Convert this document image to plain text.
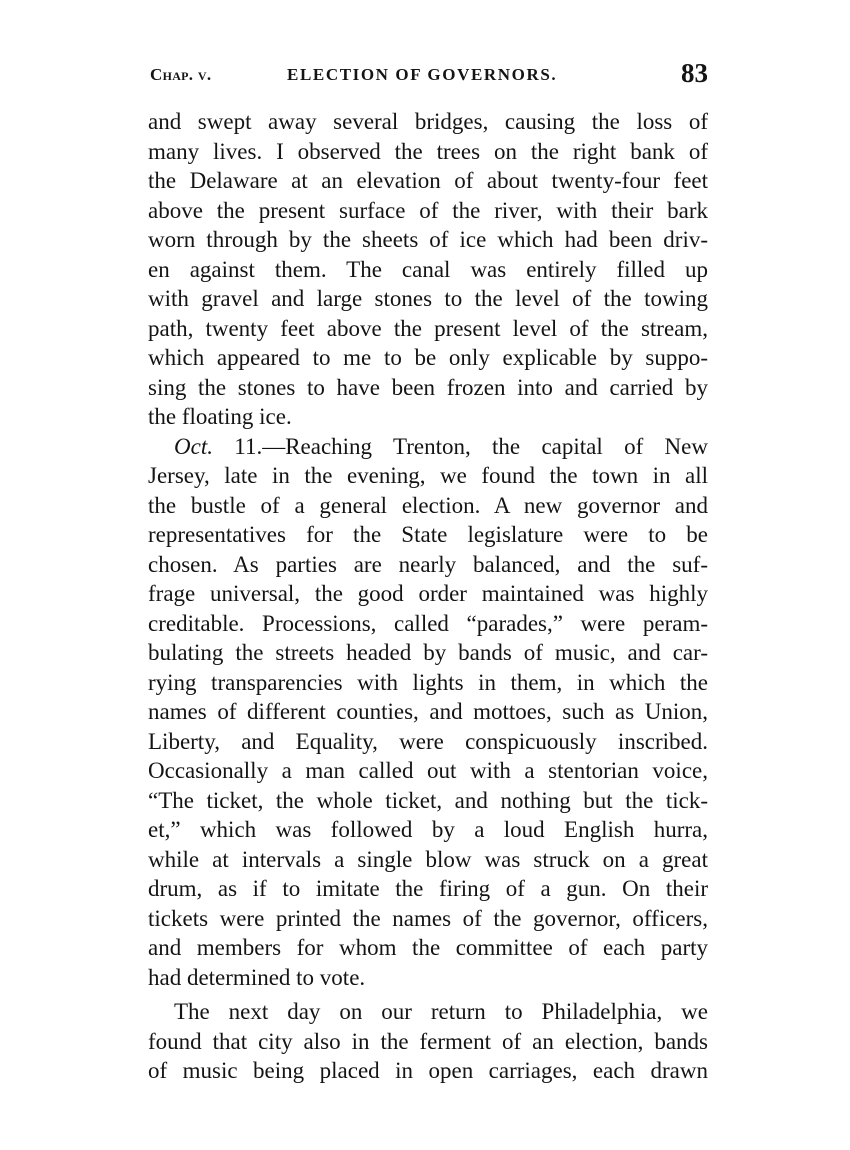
Chap. v.	ELECTION OF GOVERNORS.	83
and swept away several bridges, causing the loss of
many lives. I observed the trees on the right bank of
the Delaware at an elevation of about twenty-four feet
above the present surface of the river, with their bark
worn through by the sheets of ice which had been driv-
en against them. The canal was entirely filled up
with gravel and large stones to the level of the towing
path, twenty feet above the present level of the stream,
which appeared to me to be only explicable by suppo-
sing the stones to have been frozen into and carried by
the floating ice.
Oct. 11.—Reaching Trenton, the capital of New
Jersey, late in the evening, we found the town in all
the bustle of a general election. A new governor and
representatives for the State legislature were to be
chosen. As parties are nearly balanced, and the suf-
frage universal, the good order maintained was highly
creditable. Processions, called “parades,” were peram-
bulating the streets headed by bands of music, and car-
rying transparencies with lights in them, in which the
names of different counties, and mottoes, such as Union,
Liberty, and Equality, were conspicuously inscribed.
Occasionally a man called out with a stentorian voice,
“The ticket, the whole ticket, and nothing but the tick-
et,” which was followed by a loud English hurra,
while at intervals a single blow was struck on a great
drum, as if to imitate the firing of a gun. On their
tickets were printed the names of the governor, officers,
and members for whom the committee of each party
had determined to vote.
The next day on our return to Philadelphia, we
found that city also in the ferment of an election, bands
of music being placed in open carriages, each drawn
